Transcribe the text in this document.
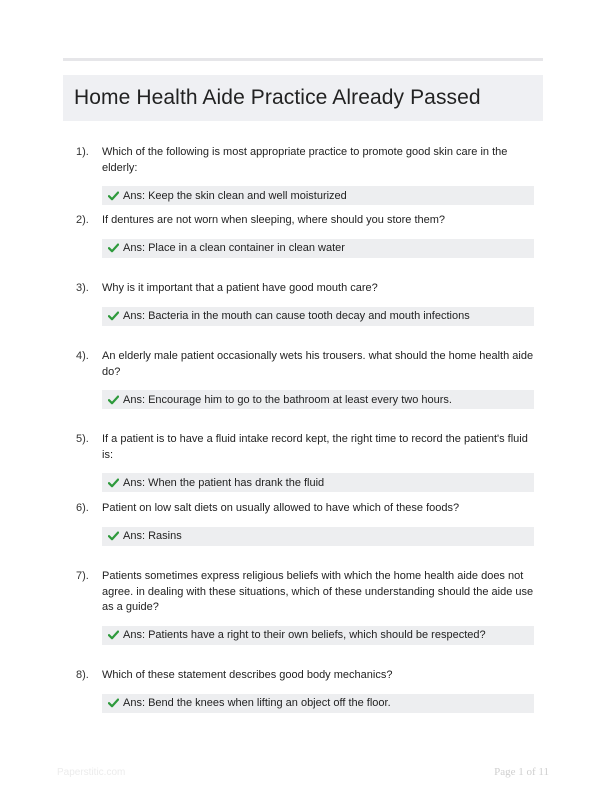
Home Health Aide Practice Already Passed
1). Which of the following is most appropriate practice to promote good skin care in the elderly:
Ans: Keep the skin clean and well moisturized
2). If dentures are not worn when sleeping, where should you store them?
Ans: Place in a clean container in clean water
3). Why is it important that a patient have good mouth care?
Ans: Bacteria in the mouth can cause tooth decay and mouth infections
4). An elderly male patient occasionally wets his trousers. what should the home health aide do?
Ans: Encourage him to go to the bathroom at least every two hours.
5). If a patient is to have a fluid intake record kept, the right time to record the patient's fluid is:
Ans: When the patient has drank the fluid
6). Patient on low salt diets on usually allowed to have which of these foods?
Ans: Rasins
7). Patients sometimes express religious beliefs with which the home health aide does not agree. in dealing with these situations, which of these understanding should the aide use as a guide?
Ans: Patients have a right to their own beliefs, which should be respected?
8). Which of these statement describes good body mechanics?
Ans: Bend the knees when lifting an object off the floor.
Paperstitic.com	Page 1 of 11
